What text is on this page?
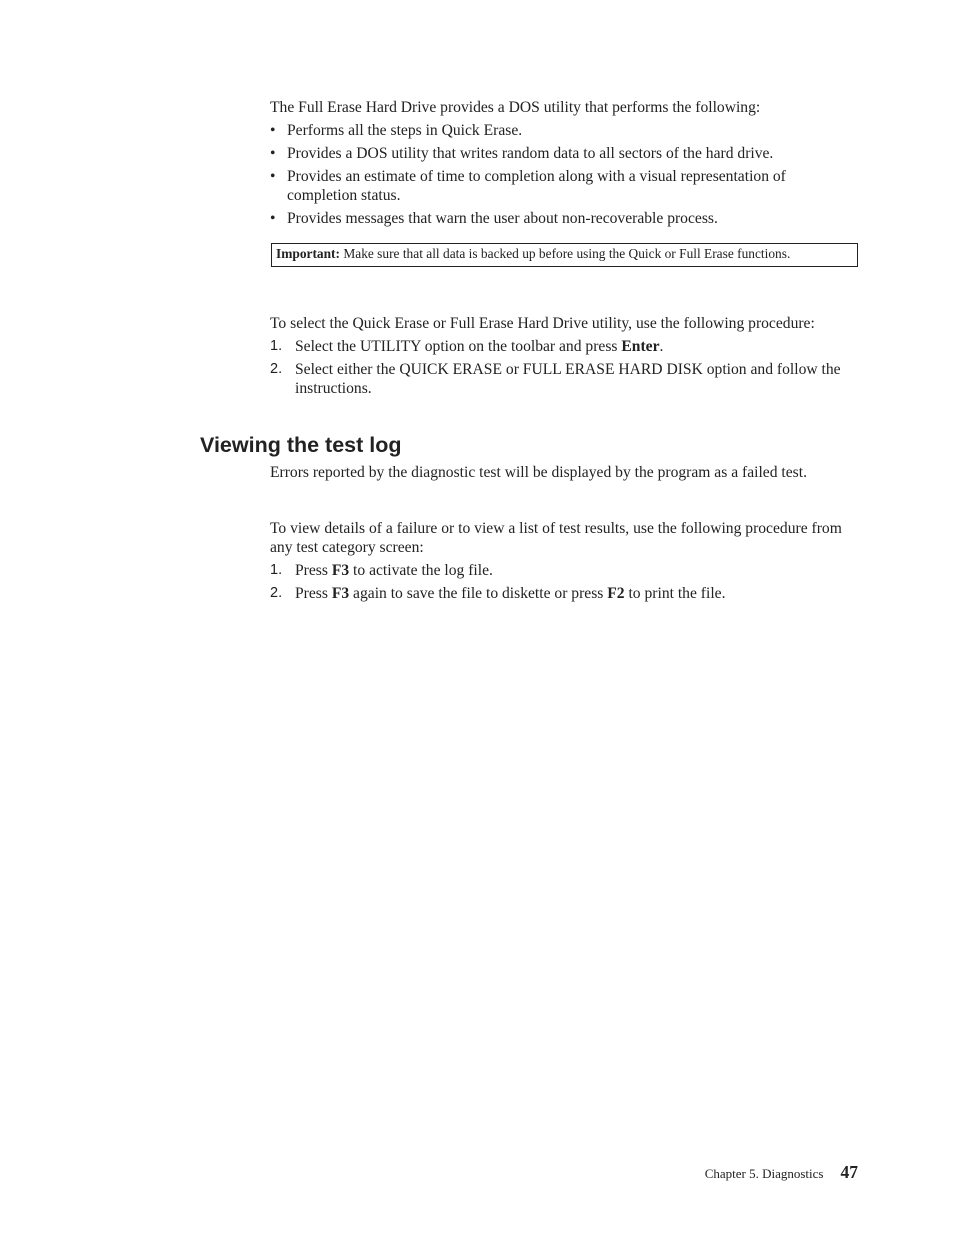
The Full Erase Hard Drive provides a DOS utility that performs the following:

• Performs all the steps in Quick Erase.
• Provides a DOS utility that writes random data to all sectors of the hard drive.
• Provides an estimate of time to completion along with a visual representation of completion status.
• Provides messages that warn the user about non-recoverable process.
Important: Make sure that all data is backed up before using the Quick or Full Erase functions.

To select the Quick Erase or Full Erase Hard Drive utility, use the following procedure:

1. Select the UTILITY option on the toolbar and press Enter.
2. Select either the QUICK ERASE or FULL ERASE HARD DISK option and follow the instructions.
Viewing the test log

Errors reported by the diagnostic test will be displayed by the program as a failed test.

To view details of a failure or to view a list of test results, use the following procedure from any test category screen:

1. Press F3 to activate the log file.
2. Press F3 again to save the file to diskette or press F2 to print the file.
Chapter 5. Diagnostics 47
